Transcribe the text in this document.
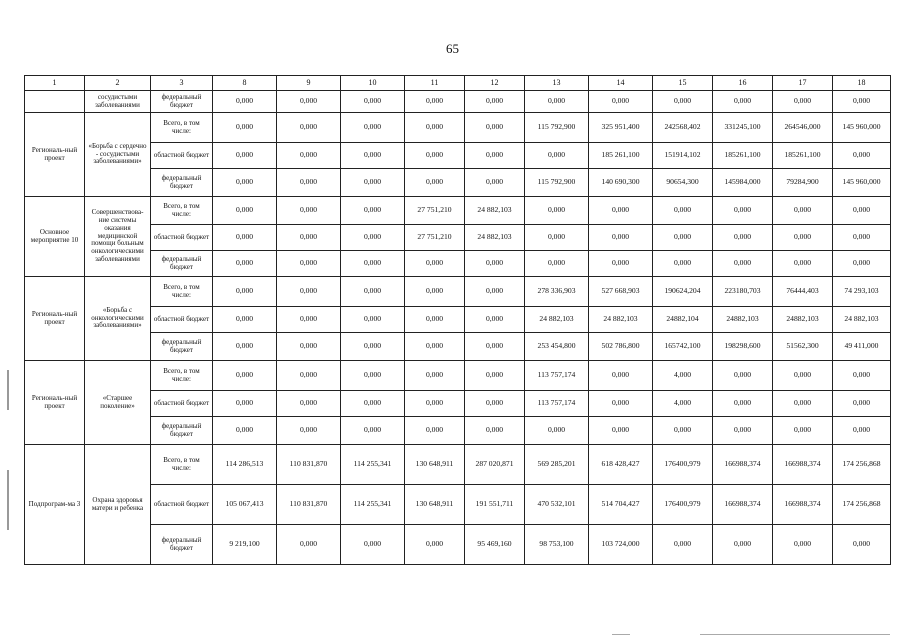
65
1	2	3	8	9	10	11	12	13	14	15	16	17	18
	сосудистыми заболеваниями	федеральный бюджет	0,000	0,000	0,000	0,000	0,000	0,000	0,000	0,000	0,000	0,000	0,000
Региональ-ный проект	«Борьба с сердечно - сосудистыми заболеваниями»	Всего, в том числе:	0,000	0,000	0,000	0,000	0,000	115 792,900	325 951,400	242568,402	331245,100	264546,000	145 960,000
		областной бюджет	0,000	0,000	0,000	0,000	0,000	0,000	185 261,100	151914,102	185261,100	185261,100	0,000
		федеральный бюджет	0,000	0,000	0,000	0,000	0,000	115 792,900	140 690,300	90654,300	145984,000	79284,900	145 960,000
Основное мероприятие 10	Совершенствова-ние системы оказания медицинской помощи больным онкологическими заболеваниями	Всего, в том числе:	0,000	0,000	0,000	27 751,210	24 882,103	0,000	0,000	0,000	0,000	0,000	0,000
		областной бюджет	0,000	0,000	0,000	27 751,210	24 882,103	0,000	0,000	0,000	0,000	0,000	0,000
		федеральный бюджет	0,000	0,000	0,000	0,000	0,000	0,000	0,000	0,000	0,000	0,000	0,000
Региональ-ный проект	«Борьба с онкологическими заболеваниями»	Всего, в том числе:	0,000	0,000	0,000	0,000	0,000	278 336,903	527 668,903	190624,204	223180,703	76444,403	74 293,103
		областной бюджет	0,000	0,000	0,000	0,000	0,000	24 882,103	24 882,103	24882,104	24882,103	24882,103	24 882,103
		федеральный бюджет	0,000	0,000	0,000	0,000	0,000	253 454,800	502 786,800	165742,100	198298,600	51562,300	49 411,000
Региональ-ный проект	«Старшее поколение»	Всего, в том числе:	0,000	0,000	0,000	0,000	0,000	113 757,174	0,000	4,000	0,000	0,000	0,000
		областной бюджет	0,000	0,000	0,000	0,000	0,000	113 757,174	0,000	4,000	0,000	0,000	0,000
		федеральный бюджет	0,000	0,000	0,000	0,000	0,000	0,000	0,000	0,000	0,000	0,000	0,000
Подпрограм-ма 3	Охрана здоровья матери и ребенка	Всего, в том числе:	114 286,513	110 831,870	114 255,341	130 648,911	287 020,871	569 285,201	618 428,427	176400,979	166988,374	166988,374	174 256,868
		областной бюджет	105 067,413	110 831,870	114 255,341	130 648,911	191 551,711	470 532,101	514 704,427	176400,979	166988,374	166988,374	174 256,868
		федеральный бюджет	9 219,100	0,000	0,000	0,000	95 469,160	98 753,100	103 724,000	0,000	0,000	0,000	0,000
